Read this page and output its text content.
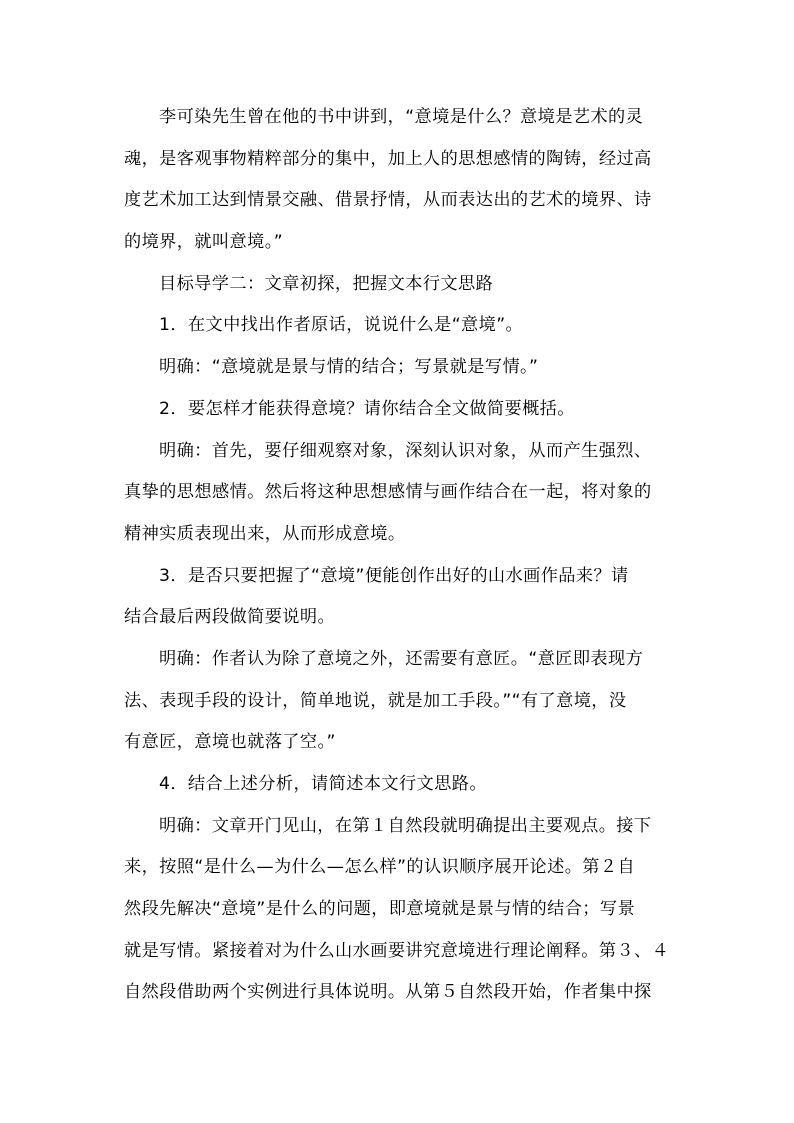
李可染先生曾在他的书中讲到，“意境是什么？意境是艺术的灵
魂，是客观事物精粹部分的集中，加上人的思想感情的陶铸，经过高
度艺术加工达到情景交融、借景抒情，从而表达出的艺术的境界、诗
的境界，就叫意境。”
目标导学二：文章初探，把握文本行文思路
1．在文中找出作者原话，说说什么是“意境”。
明确：“意境就是景与情的结合；写景就是写情。”
2．要怎样才能获得意境？请你结合全文做简要概括。
明确：首先，要仔细观察对象，深刻认识对象，从而产生强烈、
真挚的思想感情。然后将这种思想感情与画作结合在一起，将对象的
精神实质表现出来，从而形成意境。
3．是否只要把握了“意境”便能创作出好的山水画作品来？请
结合最后两段做简要说明。
明确：作者认为除了意境之外，还需要有意匠。“意匠即表现方
法、表现手段的设计，简单地说，就是加工手段。”“有了意境，没
有意匠，意境也就落了空。”
4．结合上述分析，请简述本文行文思路。
明确：文章开门见山，在第１自然段就明确提出主要观点。接下
来，按照“是什么—为什么—怎么样”的认识顺序展开论述。第２自
然段先解决“意境”是什么的问题，即意境就是景与情的结合；写景
就是写情。紧接着对为什么山水画要讲究意境进行理论阐释。第３、４
自然段借助两个实例进行具体说明。从第５自然段开始，作者集中探
